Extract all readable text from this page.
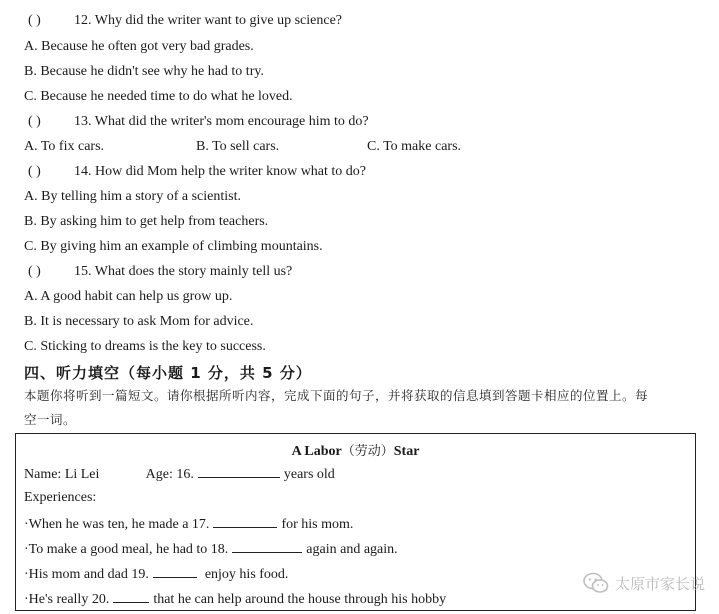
( ) 12. Why did the writer want to give up science?
A. Because he often got very bad grades.
B. Because he didn't see why he had to try.
C. Because he needed time to do what he loved.
( ) 13. What did the writer's mom encourage him to do?
A. To fix cars.	B. To sell cars.	C. To make cars.
( ) 14. How did Mom help the writer know what to do?
A. By telling him a story of a scientist.
B. By asking him to get help from teachers.
C. By giving him an example of climbing mountains.
( ) 15. What does the story mainly tell us?
A. A good habit can help us grow up.
B. It is necessary to ask Mom for advice.
C. Sticking to dreams is the key to success.
四、听力填空（每小题 1 分，共 5 分）
本题你将听到一篇短文。请你根据所听内容，完成下面的句子，并将获取的信息填到答题卡相应的位置上。每
空一词。
A Labor（劳动）Star
Name: Li Lei	Age: 16.	years old
Experiences:
·When he was ten, he made a 17.	for his mom.
·To make a good meal, he had to 18.	again and again.
·His mom and dad 19.	enjoy his food.
·He's really 20.	that he can help around the house through his hobby
太原市家长说
